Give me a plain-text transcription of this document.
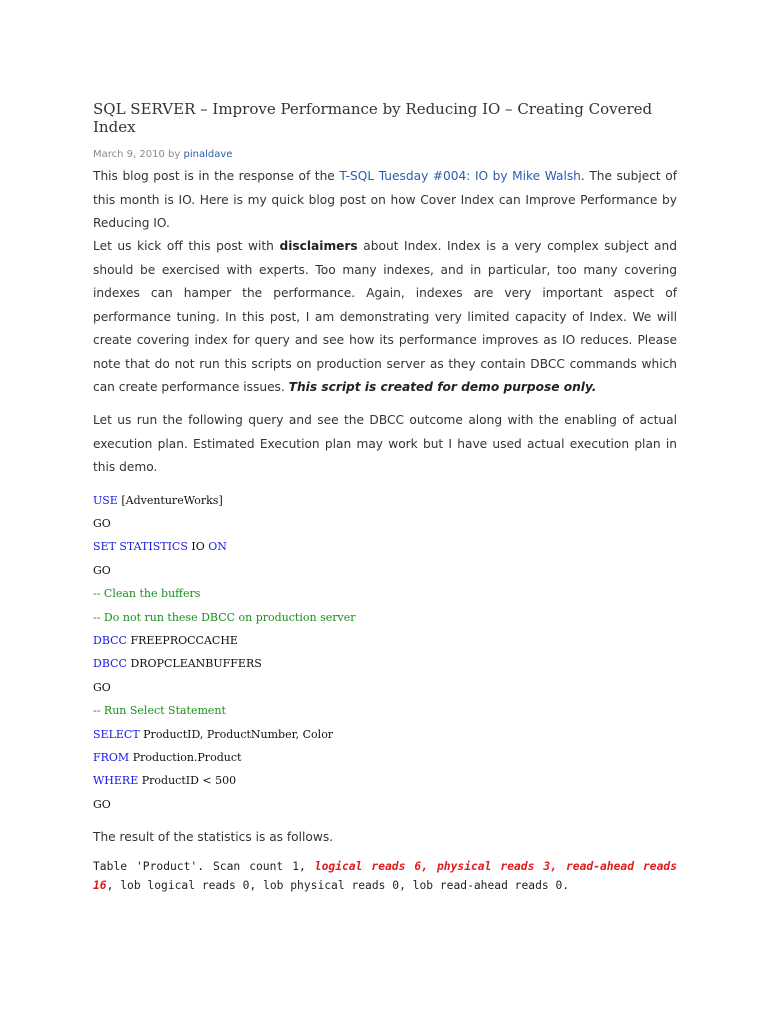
SQL SERVER – Improve Performance by Reducing IO – Creating Covered Index
March 9, 2010 by pinaldave

This blog post is in the response of the T-SQL Tuesday #004: IO by Mike Walsh. The subject of this month is IO. Here is my quick blog post on how Cover Index can Improve Performance by Reducing IO.

Let us kick off this post with disclaimers about Index. Index is a very complex subject and should be exercised with experts. Too many indexes, and in particular, too many covering indexes can hamper the performance. Again, indexes are very important aspect of performance tuning. In this post, I am demonstrating very limited capacity of Index. We will create covering index for query and see how its performance improves as IO reduces. Please note that do not run this scripts on production server as they contain DBCC commands which can create performance issues. This script is created for demo purpose only.

Let us run the following query and see the DBCC outcome along with the enabling of actual execution plan. Estimated Execution plan may work but I have used actual execution plan in this demo.

USE [AdventureWorks]
GO
SET STATISTICS IO ON
GO
-- Clean the buffers
-- Do not run these DBCC on production server
DBCC FREEPROCCACHE
DBCC DROPCLEANBUFFERS
GO
-- Run Select Statement
SELECT ProductID, ProductNumber, Color
FROM Production.Product
WHERE ProductID < 500
GO

The result of the statistics is as follows.

Table 'Product'. Scan count 1, logical reads 6, physical reads 3, read-ahead reads 16, lob logical reads 0, lob physical reads 0, lob read-ahead reads 0.
